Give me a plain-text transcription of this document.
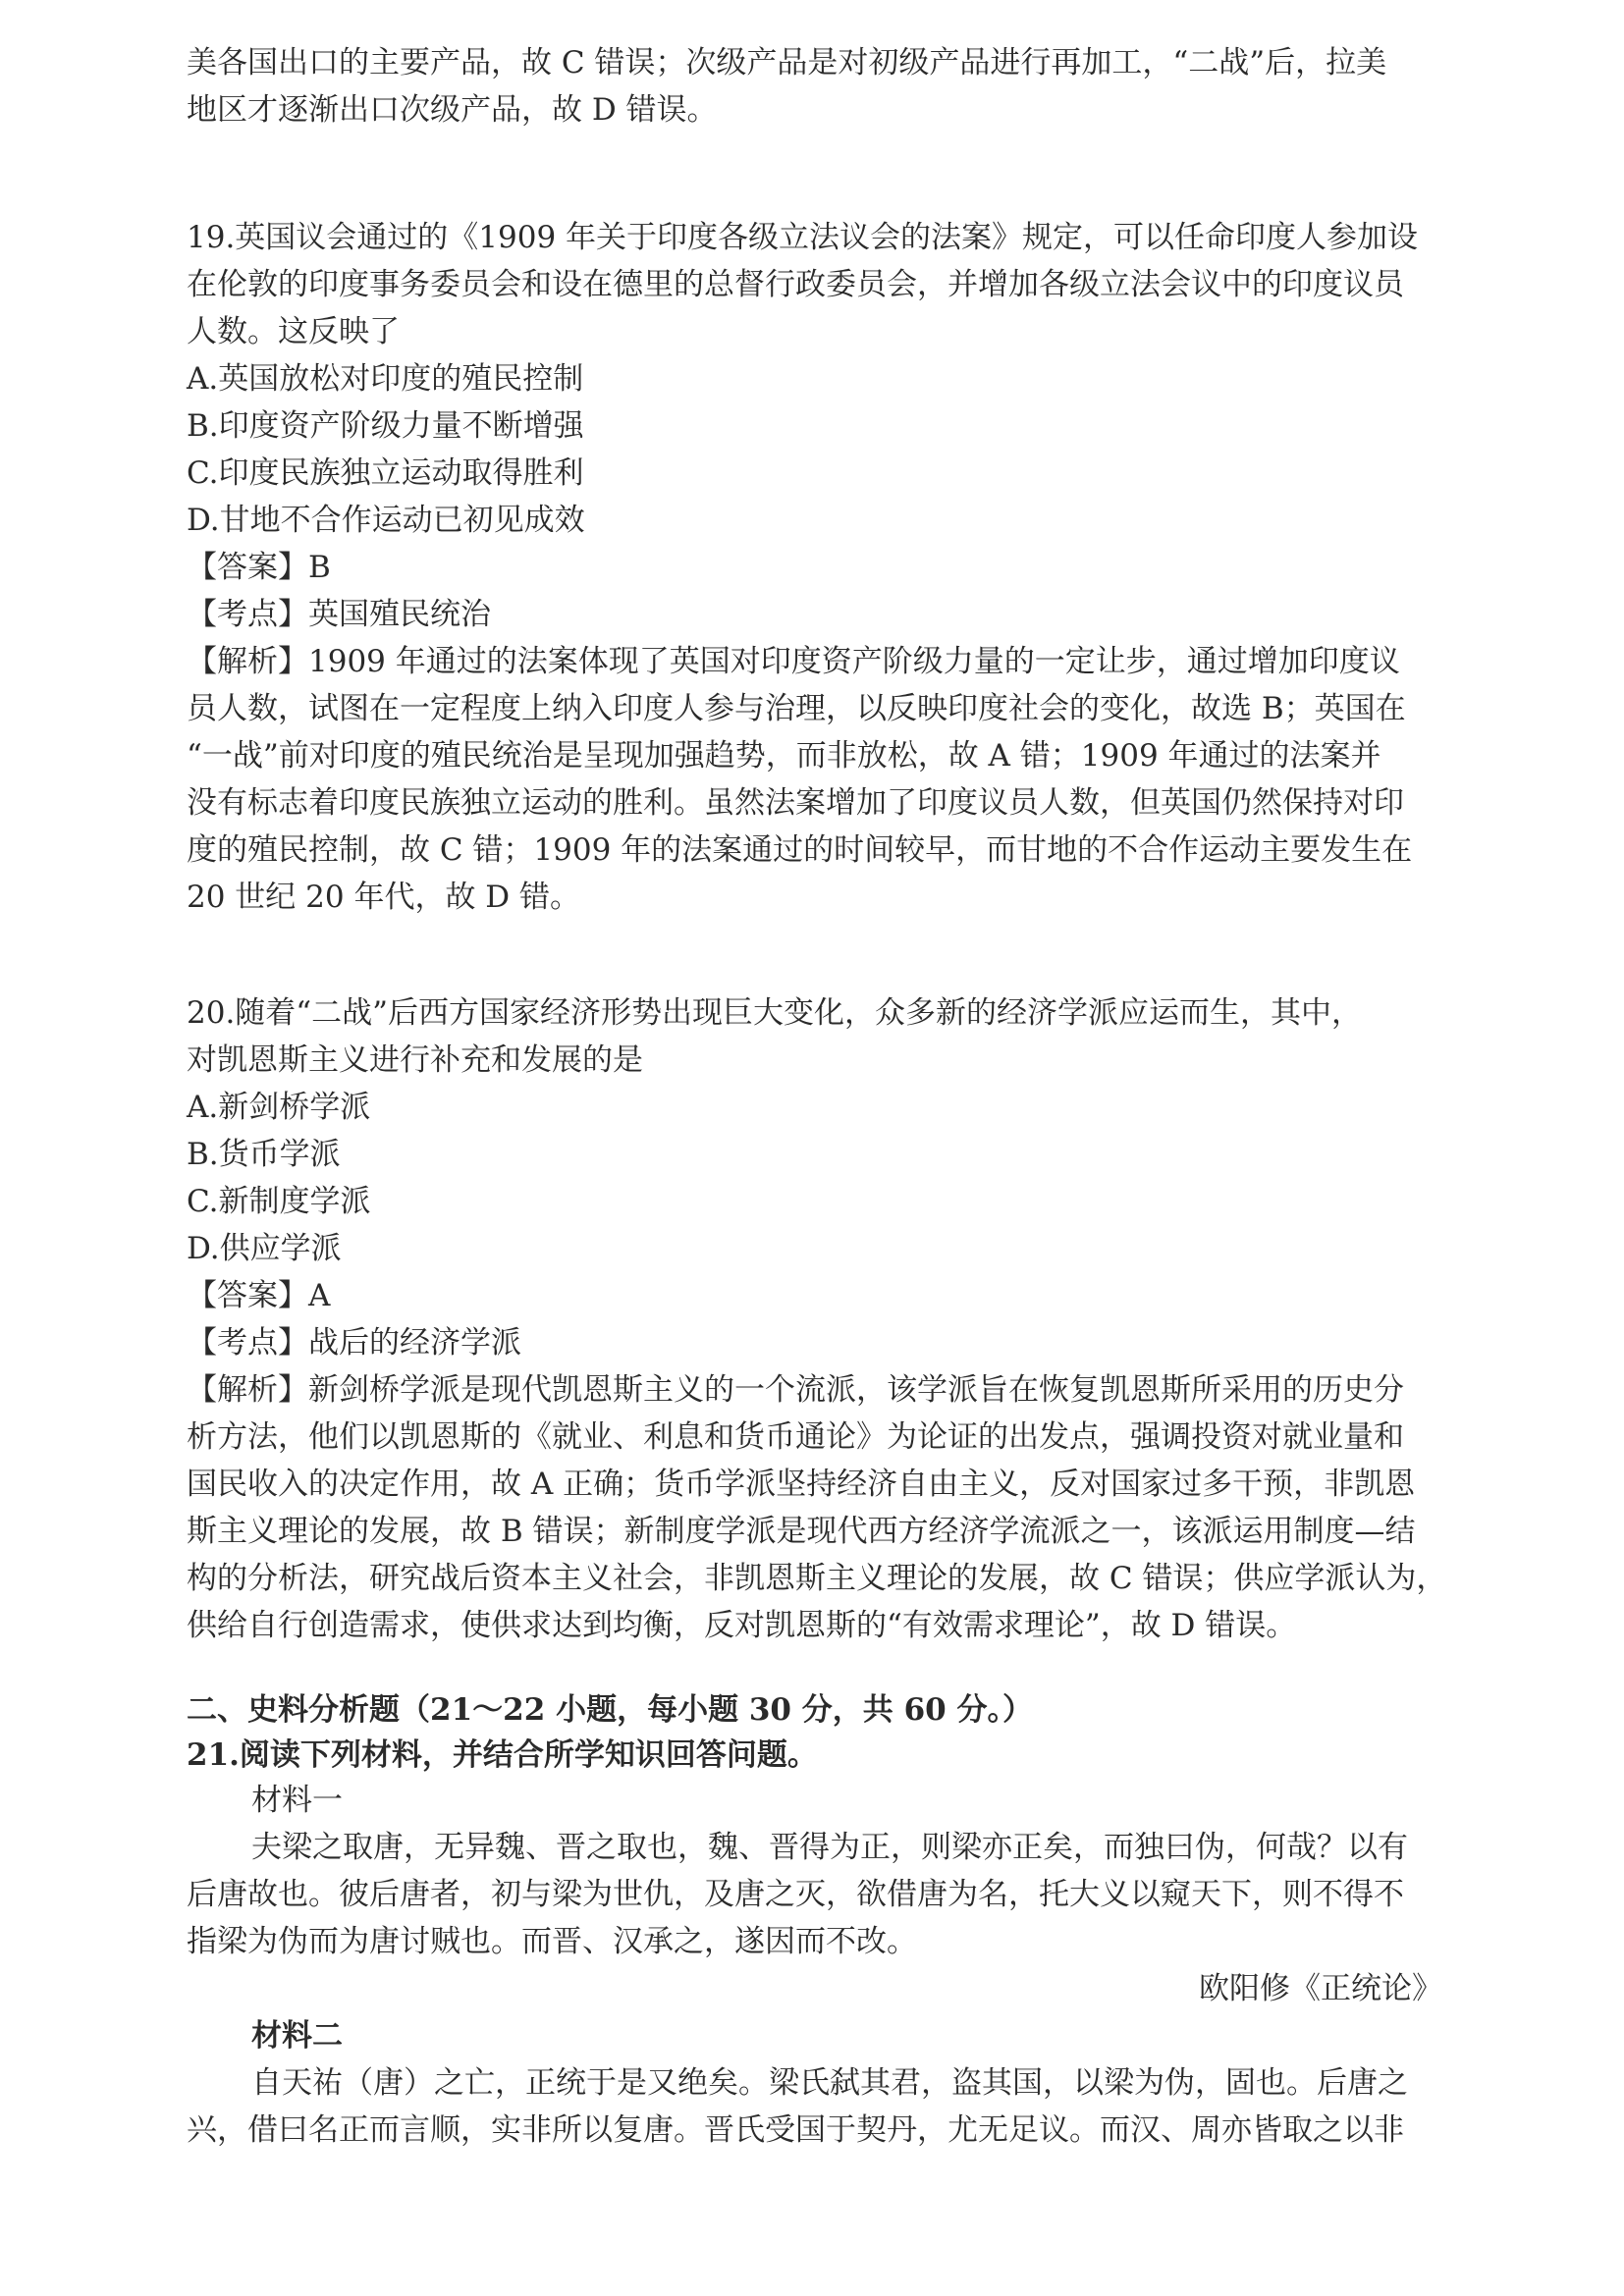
美各国出口的主要产品，故 C 错误；次级产品是对初级产品进行再加工，“二战”后，拉美
地区才逐渐出口次级产品，故 D 错误。
19.英国议会通过的《1909 年关于印度各级立法议会的法案》规定，可以任命印度人参加设
在伦敦的印度事务委员会和设在德里的总督行政委员会，并增加各级立法会议中的印度议员
人数。这反映了
A.英国放松对印度的殖民控制
B.印度资产阶级力量不断增强
C.印度民族独立运动取得胜利
D.甘地不合作运动已初见成效
【答案】B
【考点】英国殖民统治
【解析】1909 年通过的法案体现了英国对印度资产阶级力量的一定让步，通过增加印度议
员人数，试图在一定程度上纳入印度人参与治理，以反映印度社会的变化，故选 B；英国在
“一战”前对印度的殖民统治是呈现加强趋势，而非放松，故 A 错；1909 年通过的法案并
没有标志着印度民族独立运动的胜利。虽然法案增加了印度议员人数，但英国仍然保持对印
度的殖民控制，故 C 错；1909 年的法案通过的时间较早，而甘地的不合作运动主要发生在
20 世纪 20 年代，故 D 错。
20.随着“二战”后西方国家经济形势出现巨大变化，众多新的经济学派应运而生，其中，
对凯恩斯主义进行补充和发展的是
A.新剑桥学派
B.货币学派
C.新制度学派
D.供应学派
【答案】A
【考点】战后的经济学派
【解析】新剑桥学派是现代凯恩斯主义的一个流派，该学派旨在恢复凯恩斯所采用的历史分
析方法，他们以凯恩斯的《就业、利息和货币通论》为论证的出发点，强调投资对就业量和
国民收入的决定作用，故 A 正确；货币学派坚持经济自由主义，反对国家过多干预，非凯恩
斯主义理论的发展，故 B 错误；新制度学派是现代西方经济学流派之一，该派运用制度—结
构的分析法，研究战后资本主义社会，非凯恩斯主义理论的发展，故 C 错误；供应学派认为，
供给自行创造需求，使供求达到均衡，反对凯恩斯的“有效需求理论”，故 D 错误。
二、史料分析题（21～22 小题，每小题 30 分，共 60 分。）
21.阅读下列材料，并结合所学知识回答问题。
材料一
夫梁之取唐，无异魏、晋之取也，魏、晋得为正，则梁亦正矣，而独曰伪，何哉？以有
后唐故也。彼后唐者，初与梁为世仇，及唐之灭，欲借唐为名，托大义以窥天下，则不得不
指梁为伪而为唐讨贼也。而晋、汉承之，遂因而不改。
欧阳修《正统论》
材料二
自天祐（唐）之亡，正统于是又绝矣。梁氏弑其君，盗其国，以梁为伪，固也。后唐之
兴，借曰名正而言顺，实非所以复唐。晋氏受国于契丹，尤无足议。而汉、周亦皆取之以非
